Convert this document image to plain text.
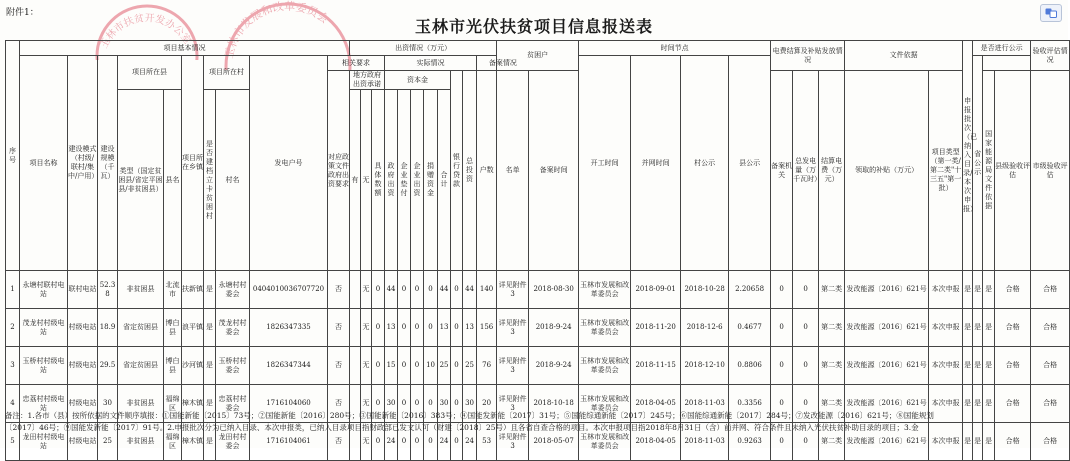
附件1：
玉林市光伏扶贫项目信息报送表
玉林市扶贫开发办公室
玉林市发展和改革委员会
序号	项目基本情况										出资情况（万元）											贫困户		时间节点				电费结算及补贴发放情况			文件依据		申报批次（已纳入目录/本次申报）	是否进行公示			验收评估情况
	项目名称	建设模式（村级/联村/集中/户用）	建设规模（千瓦）	项目所在县		项目所在乡镇	项目所在村		发电户号	相关要求				实际情况							备案情况			开工时间	并网时间	村公示	县公示							省公示			
										对应政策文件政府出资要求	地方政府出资承诺			资本金					银行贷款	总投资	户数	名单	备案时间					备案机关	总发电量（万千瓦时）	结算电费（万元）	领取的补贴（万元）	项目类型（第一类/第二类"十三五"第一批）			国家能源局文件依据	县级验收评估	市级验收评估
				类型（国定贫困县/省定平困县/非贫困县）	县名		是否建档立卡贫困村	村名			有	无	具体数额	政府出资	企业垫付	企业出资	捐赠资金	合计																			
1	永塘村联村电站	联村电站	52.38	非贫困县	北流市	扶新镇	是	永塘村村委会	0404010036707720	否		无	0	44	0	0	0	44	0	44	140	详见附件3	2018-08-30	玉林市发展和改革委员会	2018-09-01	2018-10-28	2.20658	0	0	第二类	发改能源〔2016〕621号	本次申报	是	是	是	合格	合格
2	茂龙村村级电站	村级电站	18.9	省定贫困县	博白县	浪平镇	是	茂龙村村委会	1826347335	否		无	0	13	0	0	0	13	0	13	156	详见附件3	2018-9-24	玉林市发展和改革委员会	2018-11-20	2018-12-6	0.4677	0	0	第二类	发改能源〔2016〕621号	本次申报	是	是	是	合格	合格
3	玉桥村村级电站	村级电站	29.5	省定贫困县	博白县	沙河镇	是	玉桥村村委会	1826347344	否		无	0	15	0	0	10	25	0	25	76	详见附件3	2018-9-24	玉林市发展和改革委员会	2018-11-15	2018-12-10	0.8806	0	0	第二类	发改能源〔2016〕621号	本次申报	是	是	是	合格	合格
4	忠荔村村级电站	村级电站	30	非贫困县	福绵区	樟木镇	是	忠荔村村委会	1716104060	否		无	0	30	0	0	0	30	0	30	20	详见附件3	2018-10-18	玉林市发展和改革委员会	2018-04-05	2018-11-03	0.3356	0	0	第二类	发改能源〔2016〕621号	本次申报	是	是	是	合格	合格
5	龙田村村级电站	村级电站	25	非贫困县	福绵区	樟木镇	是	龙田村村委会	1716104061	否		无	0	24	0	0	0	24	0	24	53	详见附件3	2018-05-07	玉林市发展和改革委员会	2018-04-05	2018-11-03	0.9263	0	0	第二类	发改能源〔2016〕621号	本次申报	是	是	是	合格	合格
备注：1.各市（县）按所依据的文件顺序填报：①国能新能〔2015〕73号；②国能新能〔2016〕280号；③国能新能〔2016〕383号；④国能发新能〔2017〕31号；⑤国能综通新能〔2017〕245号；⑥国能综通新能〔2017〕284号；⑦发改能源〔2016〕621号；⑧国能规划
〔2017〕46号；⑨国能发新能〔2017〕91号。2.申报批次分为已纳入目录、本次申报类，已纳入目录项目指财政部已发文认可（财建〔2018〕25号）且各省自查合格的项目。本次申报项目指2018年8月31日（含）前并网、符合条件且未纳入光伏扶贫补助目录的项目；3.金
